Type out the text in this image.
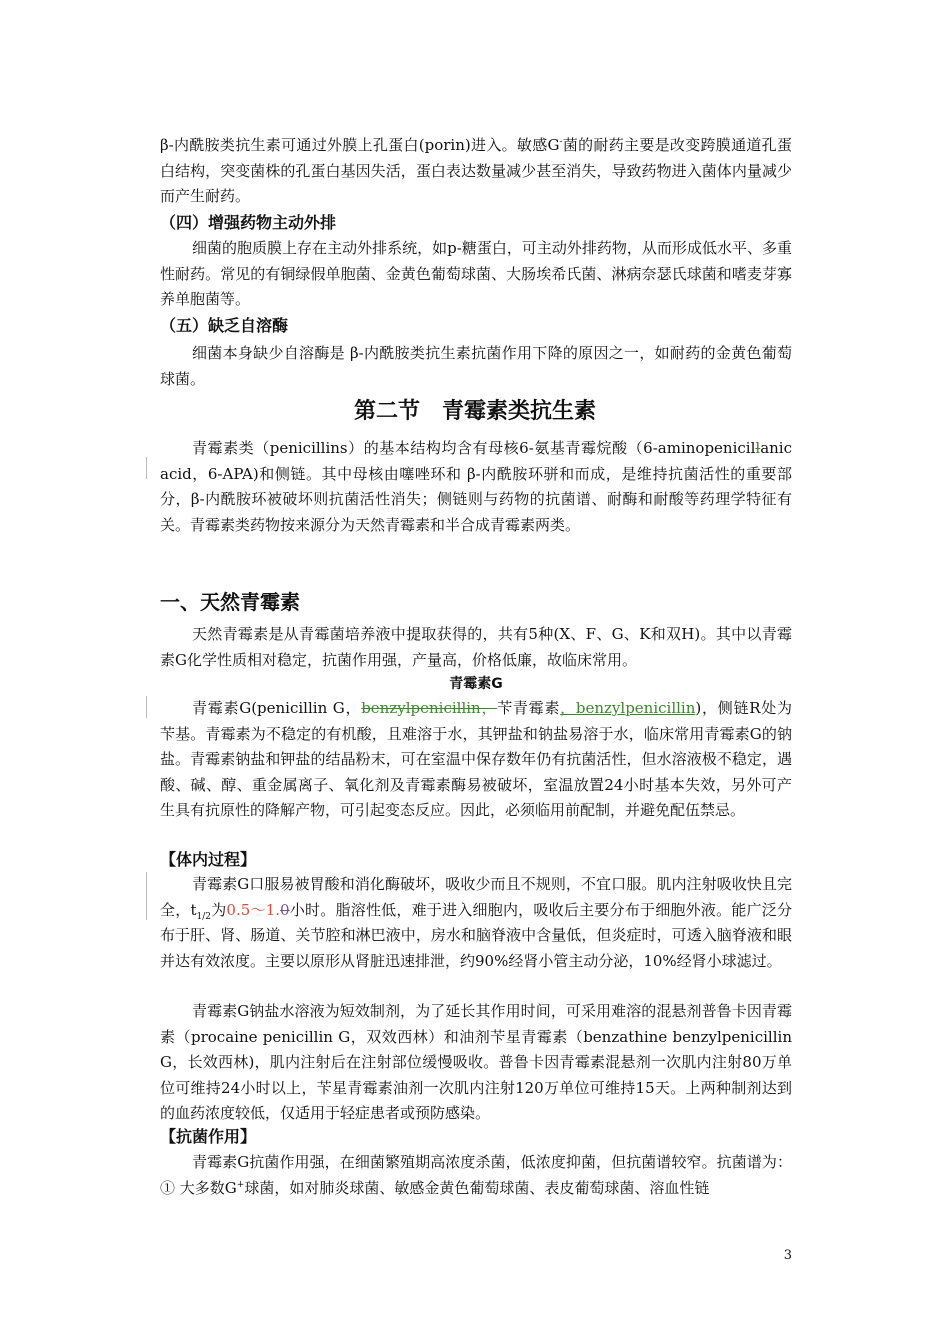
β-内酰胺类抗生素可通过外膜上孔蛋白(porin)进入。敏感G-菌的耐药主要是改变跨膜通道孔蛋白结构，突变菌株的孔蛋白基因失活，蛋白表达数量减少甚至消失，导致药物进入菌体内量减少而产生耐药。

（四）增强药物主动外排

细菌的胞质膜上存在主动外排系统，如p-糖蛋白，可主动外排药物，从而形成低水平、多重性耐药。常见的有铜绿假单胞菌、金黄色葡萄球菌、大肠埃希氏菌、淋病奈瑟氏球菌和嗜麦芽寡养单胞菌等。

（五）缺乏自溶酶

细菌本身缺少自溶酶是 β-内酰胺类抗生素抗菌作用下降的原因之一，如耐药的金黄色葡萄球菌。

第二节　青霉素类抗生素

青霉素类（penicillins）的基本结构均含有母核6-氨基青霉烷酸（6-aminopenicillanic acid，6-APA)和侧链。其中母核由噻唑环和 β-内酰胺环骈和而成，是维持抗菌活性的重要部分，β-内酰胺环被破坏则抗菌活性消失；侧链则与药物的抗菌谱、耐酶和耐酸等药理学特征有关。青霉素类药物按来源分为天然青霉素和半合成青霉素两类。

一、天然青霉素

天然青霉素是从青霉菌培养液中提取获得的，共有5种(X、F、G、K和双H)。其中以青霉素G化学性质相对稳定，抗菌作用强，产量高，价格低廉，故临床常用。

青霉素G

青霉素G(penicillin G，benzylpenicillin，苄青霉素，benzylpenicillin)，侧链R处为苄基。青霉素为不稳定的有机酸，且难溶于水，其钾盐和钠盐易溶于水，临床常用青霉素G的钠盐。青霉素钠盐和钾盐的结晶粉末，可在室温中保存数年仍有抗菌活性，但水溶液极不稳定，遇酸、碱、醇、重金属离子、氧化剂及青霉素酶易被破坏，室温放置24小时基本失效，另外可产生具有抗原性的降解产物，可引起变态反应。因此，必须临用前配制，并避免配伍禁忌。

【体内过程】

青霉素G口服易被胃酸和消化酶破坏，吸收少而且不规则，不宜口服。肌内注射吸收快且完全，$t_{1/2}$为0.5～1.0小时。脂溶性低，难于进入细胞内，吸收后主要分布于细胞外液。能广泛分布于肝、肾、肠道、关节腔和淋巴液中，房水和脑脊液中含量低，但炎症时，可透入脑脊液和眼并达有效浓度。主要以原形从肾脏迅速排泄，约90%经肾小管主动分泌，10%经肾小球滤过。

青霉素G钠盐水溶液为短效制剂，为了延长其作用时间，可采用难溶的混悬剂普鲁卡因青霉素（procaine penicillin G，双效西林）和油剂苄星青霉素（benzathine benzylpenicillin G，长效西林)，肌内注射后在注射部位缓慢吸收。普鲁卡因青霉素混悬剂一次肌内注射80万单位可维持24小时以上，苄星青霉素油剂一次肌内注射120万单位可维持15天。上两种制剂达到的血药浓度较低，仅适用于轻症患者或预防感染。

【抗菌作用】

青霉素G抗菌作用强，在细菌繁殖期高浓度杀菌，低浓度抑菌，但抗菌谱较窄。抗菌谱为：① 大多数G+球菌，如对肺炎球菌、敏感金黄色葡萄球菌、表皮葡萄球菌、溶血性链

3
